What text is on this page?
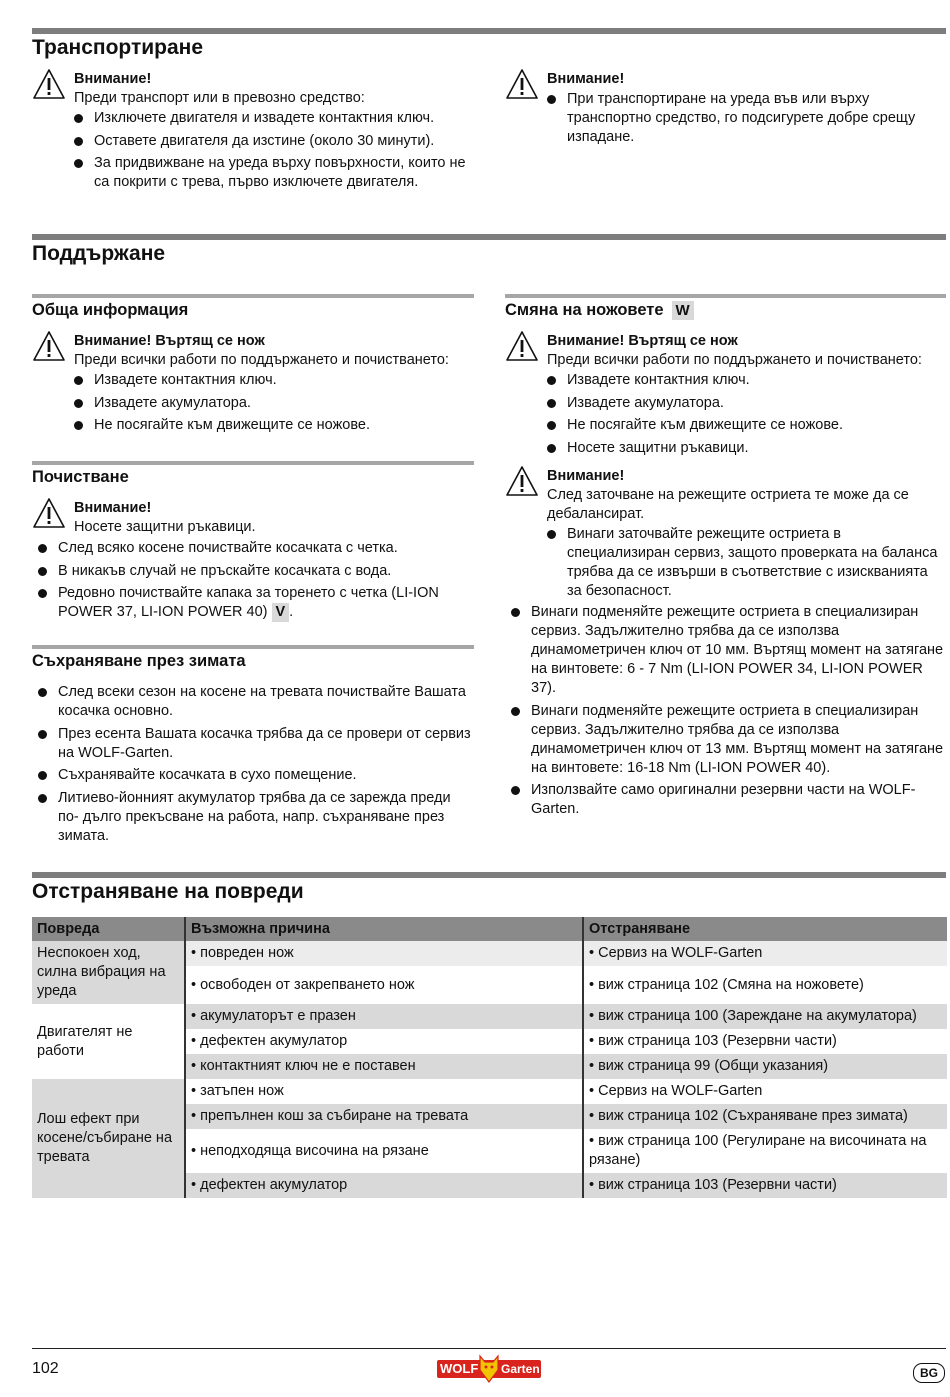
Транспортиране
Внимание!
Преди транспорт или в превозно средство:
Изключете двигателя и извадете контактния ключ.
Оставете двигателя да изстине (около 30 минути).
За придвижване на уреда върху повърхности, които не са покрити с трева, първо изключете двигателя.
Внимание!
При транспортиране на уреда във или върху транспортно средство, го подсигурете добре срещу изпадане.
Поддържане
Обща информация
Внимание! Въртящ се нож
Преди всички работи по поддържането и почистването:
Извадете контактния ключ.
Извадете акумулатора.
Не посягайте към движещите се ножове.
Почистване
Внимание!
Носете защитни ръкавици.
След всяко косене почиствайте косачката с четка.
В никакъв случай не пръскайте косачката с вода.
Редовно почиствайте капака за торенето с четка (LI-ION POWER 37, LI-ION POWER 40) V .
Съхраняване през зимата
След всеки сезон на косене на тревата почиствайте Вашата косачка основно.
През есента Вашата косачка трябва да се провери от сервиз на WOLF-Garten.
Съхранявайте косачката в сухо помещение.
Литиево-йонният акумулатор трябва да се зарежда преди по- дълго прекъсване на работа, напр. съхраняване през зимата.
Смяна на ножовете W
Внимание! Въртящ се нож
Преди всички работи по поддържането и почистването:
Извадете контактния ключ.
Извадете акумулатора.
Не посягайте към движещите се ножове.
Носете защитни ръкавици.
Внимание!
След заточване на режещите остриета те може да се дебалансират.
Винаги заточвайте режещите остриета в специализиран сервиз, защото проверката на баланса трябва да се извърши в съответствие с изискванията за безопасност.
Винаги подменяйте режещите остриета в специализиран сервиз. Задължително трябва да се използва динамометричен ключ от 10 мм. Въртящ момент на затягане на винтовете: 6 - 7 Nm (LI-ION POWER 34, LI-ION POWER 37).
Винаги подменяйте режещите остриета в специализиран сервиз. Задължително трябва да се използва динамометричен ключ от 13 мм. Въртящ момент на затягане на винтовете: 16-18 Nm (LI-ION POWER 40).
Използвайте само оригинални резервни части на WOLF-Garten.
Отстраняване на повреди
Повреда	Възможна причина	Отстраняване
Неспокоен ход, силна вибрация на уреда	• повреден нож	• Сервиз на WOLF-Garten
	• освободен от закрепването нож	• виж страница 102 (Смяна на ножовете)
Двигателят не работи	• акумулаторът е празен	• виж страница 100 (Зареждане на акумулатора)
	• дефектен акумулатор	• виж страница 103 (Резервни части)
	• контактният ключ не е поставен	• виж страница 99 (Общи указания)
Лош ефект при косене/събиране на тревата	• затъпен нож	• Сервиз на WOLF-Garten
	• препълнен кош за събиране на тревата	• виж страница 102 (Съхраняване през зимата)
	• неподходяща височина на рязане	• виж страница 100 (Регулиране на височината на рязане)
	• дефектен акумулатор	• виж страница 103 (Резервни части)
102	WOLF Garten	BG
